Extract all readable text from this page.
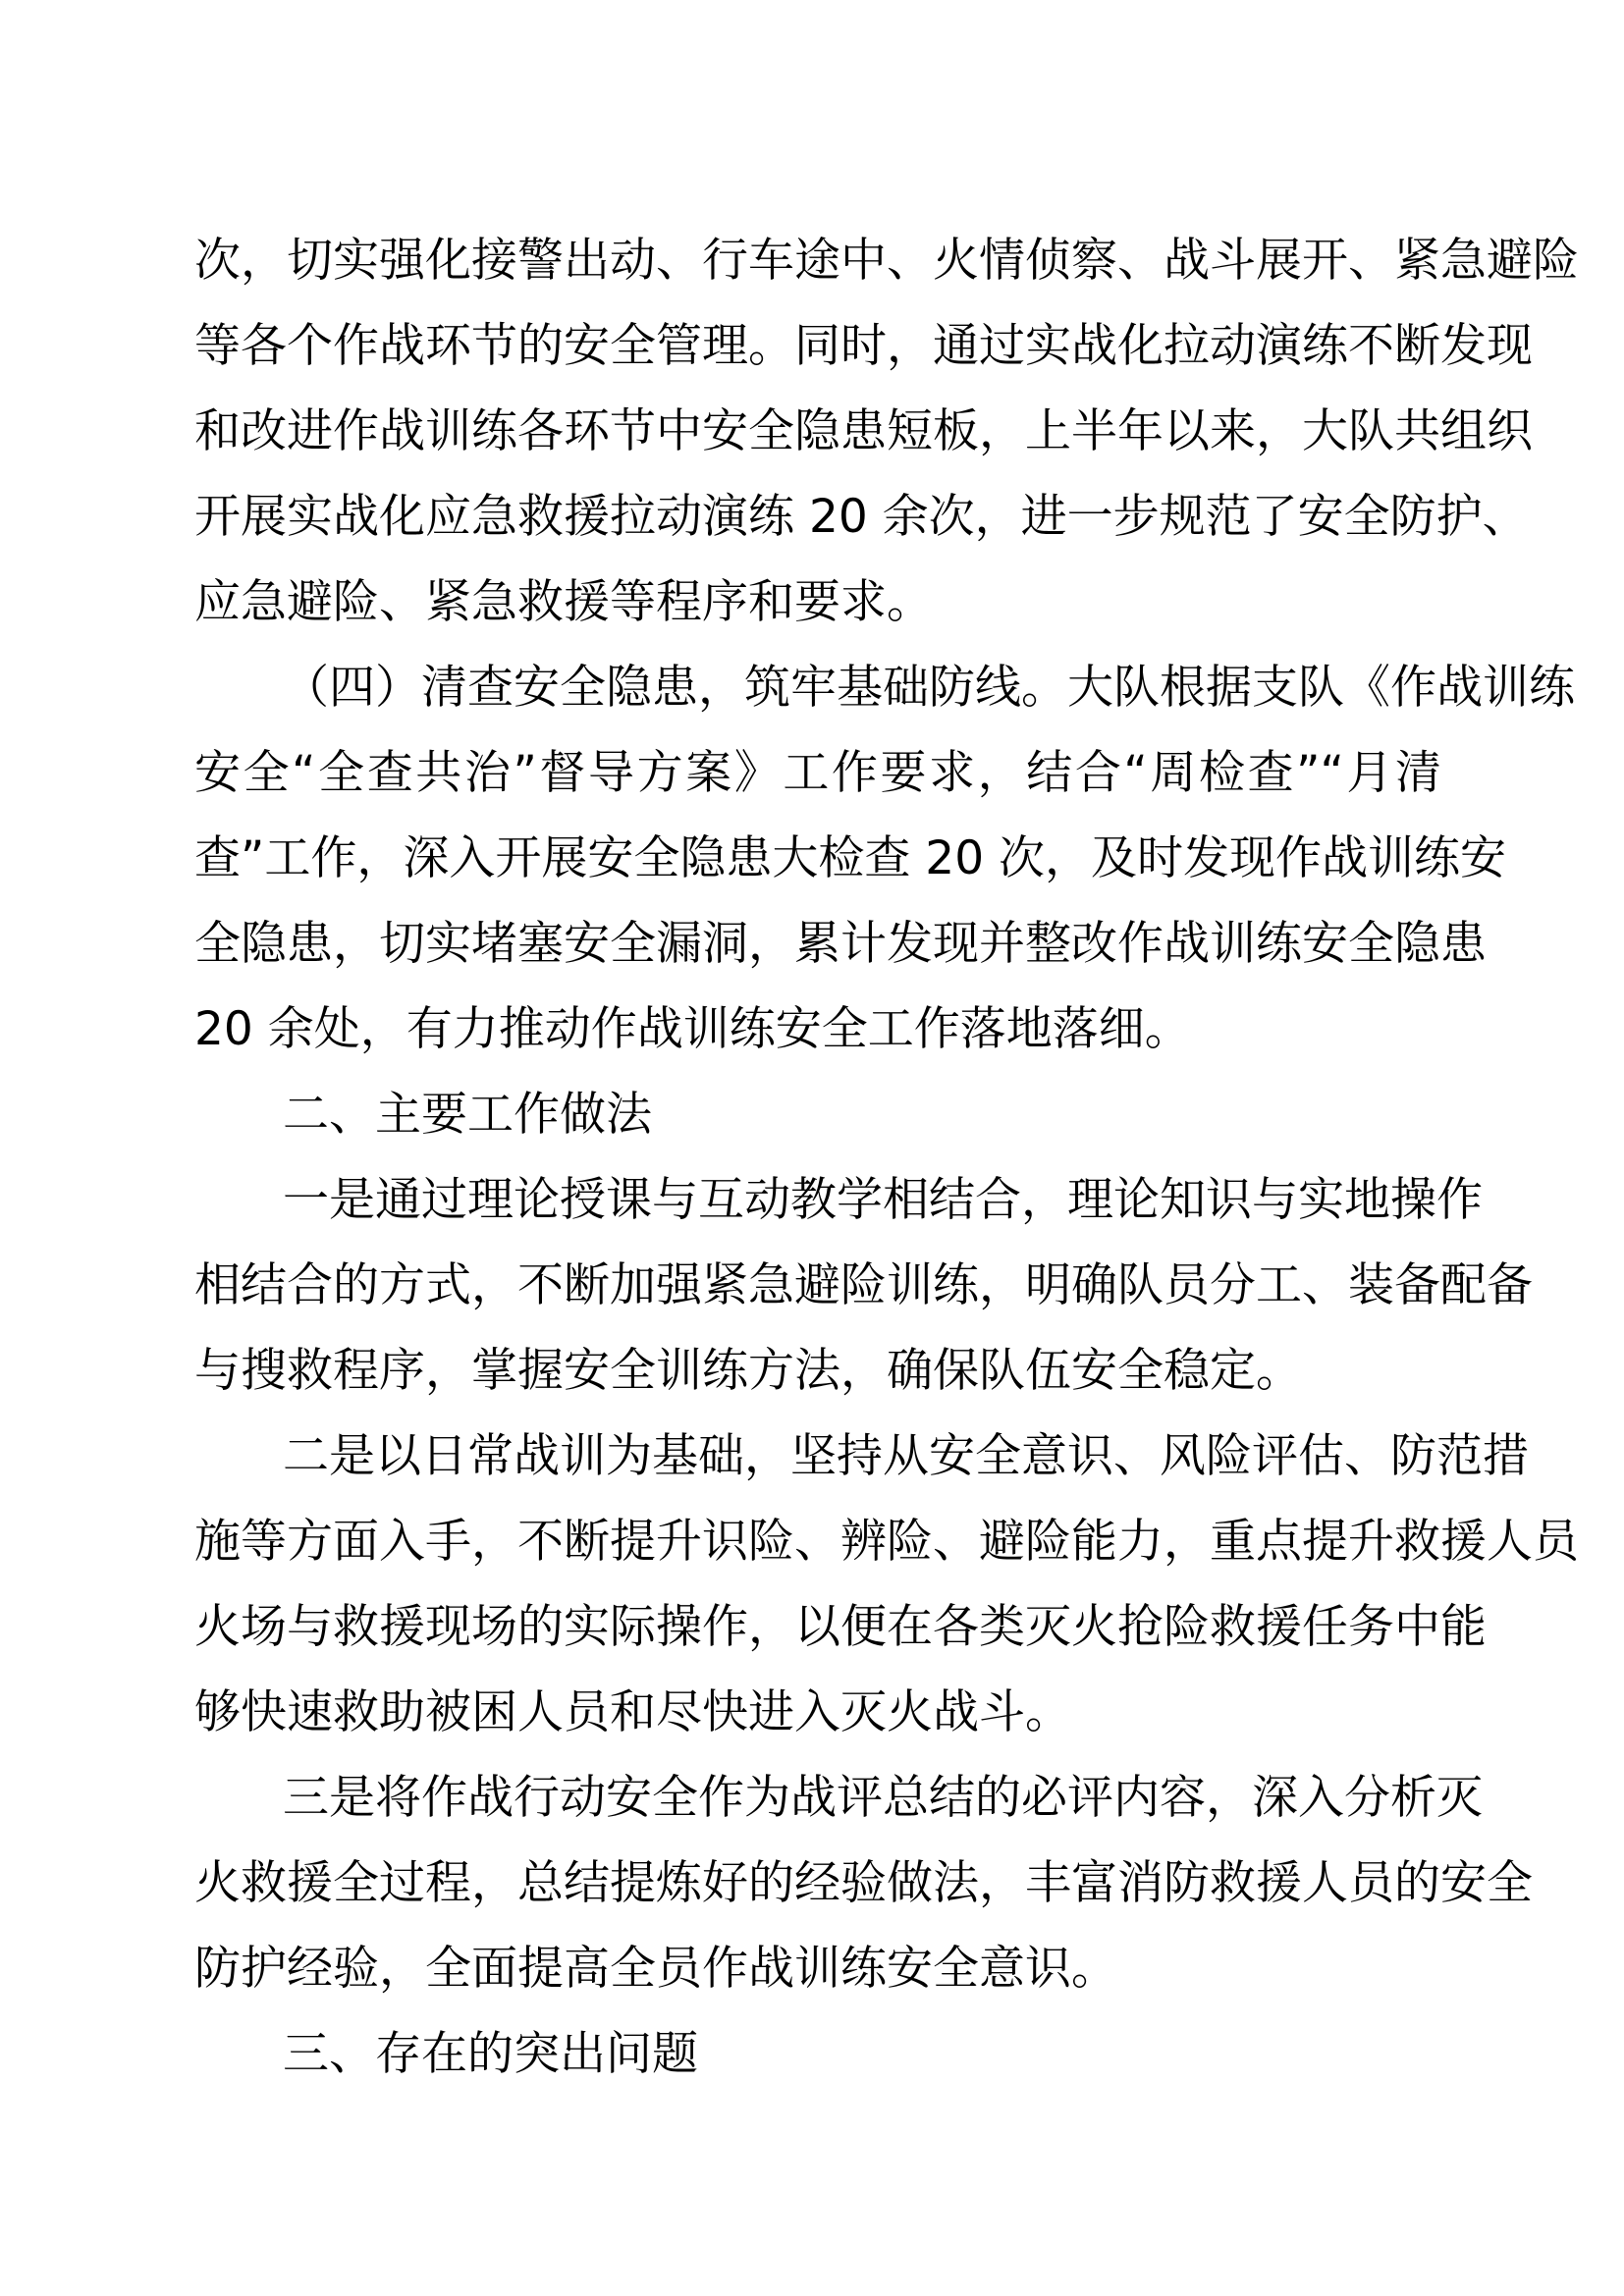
次，切实强化接警出动、行车途中、火情侦察、战斗展开、紧急避险
等各个作战环节的安全管理。同时，通过实战化拉动演练不断发现
和改进作战训练各环节中安全隐患短板，上半年以来，大队共组织
开展实战化应急救援拉动演练 20 余次，进一步规范了安全防护、
应急避险、紧急救援等程序和要求。
（四）清查安全隐患，筑牢基础防线。大队根据支队《作战训练
安全“全查共治”督导方案》工作要求，结合“周检查”“月清
查”工作，深入开展安全隐患大检查 20 次，及时发现作战训练安
全隐患，切实堵塞安全漏洞，累计发现并整改作战训练安全隐患
20 余处，有力推动作战训练安全工作落地落细。
二、主要工作做法
一是通过理论授课与互动教学相结合，理论知识与实地操作
相结合的方式，不断加强紧急避险训练，明确队员分工、装备配备
与搜救程序，掌握安全训练方法，确保队伍安全稳定。
二是以日常战训为基础，坚持从安全意识、风险评估、防范措
施等方面入手，不断提升识险、辨险、避险能力，重点提升救援人员
火场与救援现场的实际操作，以便在各类灭火抢险救援任务中能
够快速救助被困人员和尽快进入灭火战斗。
三是将作战行动安全作为战评总结的必评内容，深入分析灭
火救援全过程，总结提炼好的经验做法，丰富消防救援人员的安全
防护经验，全面提高全员作战训练安全意识。
三、存在的突出问题
